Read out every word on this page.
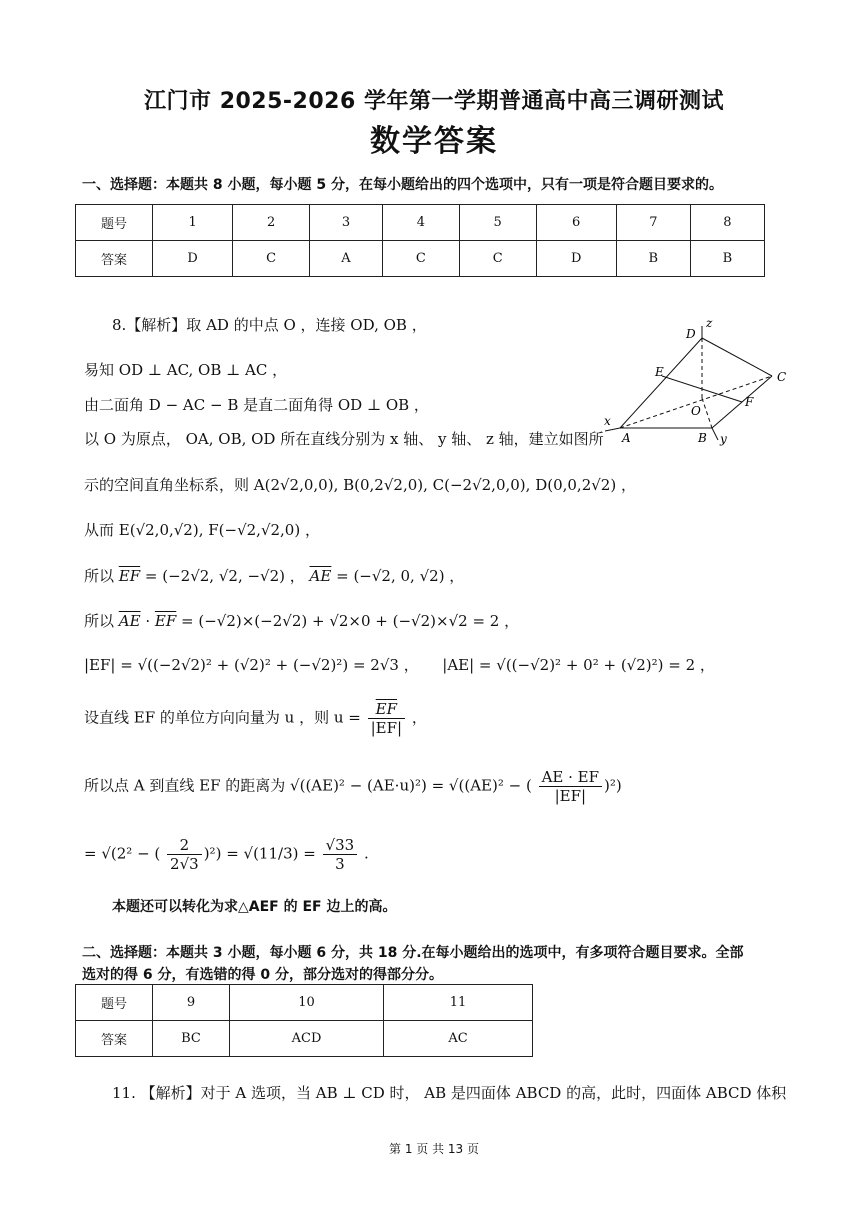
江门市 2025-2026 学年第一学期普通高中高三调研测试
数学答案
一、选择题：本题共 8 小题，每小题 5 分，在每小题给出的四个选项中，只有一项是符合题目要求的。
题号	1	2	3	4	5	6	7	8
答案	D	C	A	C	C	D	B	B
8.【解析】取 AD 的中点 O ，连接 OD, OB ，
易知 OD ⊥ AC, OB ⊥ AC ，
由二面角 D − AC − B 是直二面角得 OD ⊥ OB ，
以 O 为原点， OA, OB, OD 所在直线分别为 x 轴、 y 轴、 z 轴，建立如图所
示的空间直角坐标系，则 A(2√2,0,0), B(0,2√2,0), C(−2√2,0,0), D(0,0,2√2) ，
从而 E(√2,0,√2), F(−√2,√2,0) ，
所以 $\overline{EF} = (-2√2$, √2, −√2) ， $\overline{AE} = (-√2$, 0, √2) ，
所以 $\overline{AE} \cdot \overline{EF} = (-√2)\times(-2√2) + √2\times 0 + (-√2)\times√2 = 2$ ，
|EF| = √((−2√2)² + (√2)² + (−√2)²) = 2√3 ， |AE| = √((−√2)² + 0² + (√2)²) = 2 ，
设直线 EF 的单位方向向量为 u ，则 $u = \frac{\overline{EF}}{|EF|}$ ，
所以点 A 到直线 EF 的距离为 √((AE)² − (AE·u)²) = √((AE)² − ( $\frac{AE \cdot EF}{|EF|} )^2$)
= √(2² − ( $\frac{2}{2√3} )^2) = √(11/3) = \frac{√33}{3}$ .
本题还可以转化为求△AEF 的 EF 边上的高。
D
z
E	C
O
F
x
A	B y
二、选择题：本题共 3 小题，每小题 6 分，共 18 分.在每小题给出的选项中，有多项符合题目要求。全部
选对的得 6 分，有选错的得 0 分，部分选对的得部分分。
题号	9	10	11
答案	BC	ACD	AC
11. 【解析】对于 A 选项，当 AB ⊥ CD 时， AB 是四面体 ABCD 的高，此时，四面体 ABCD 体积
第 1 页 共 13 页
